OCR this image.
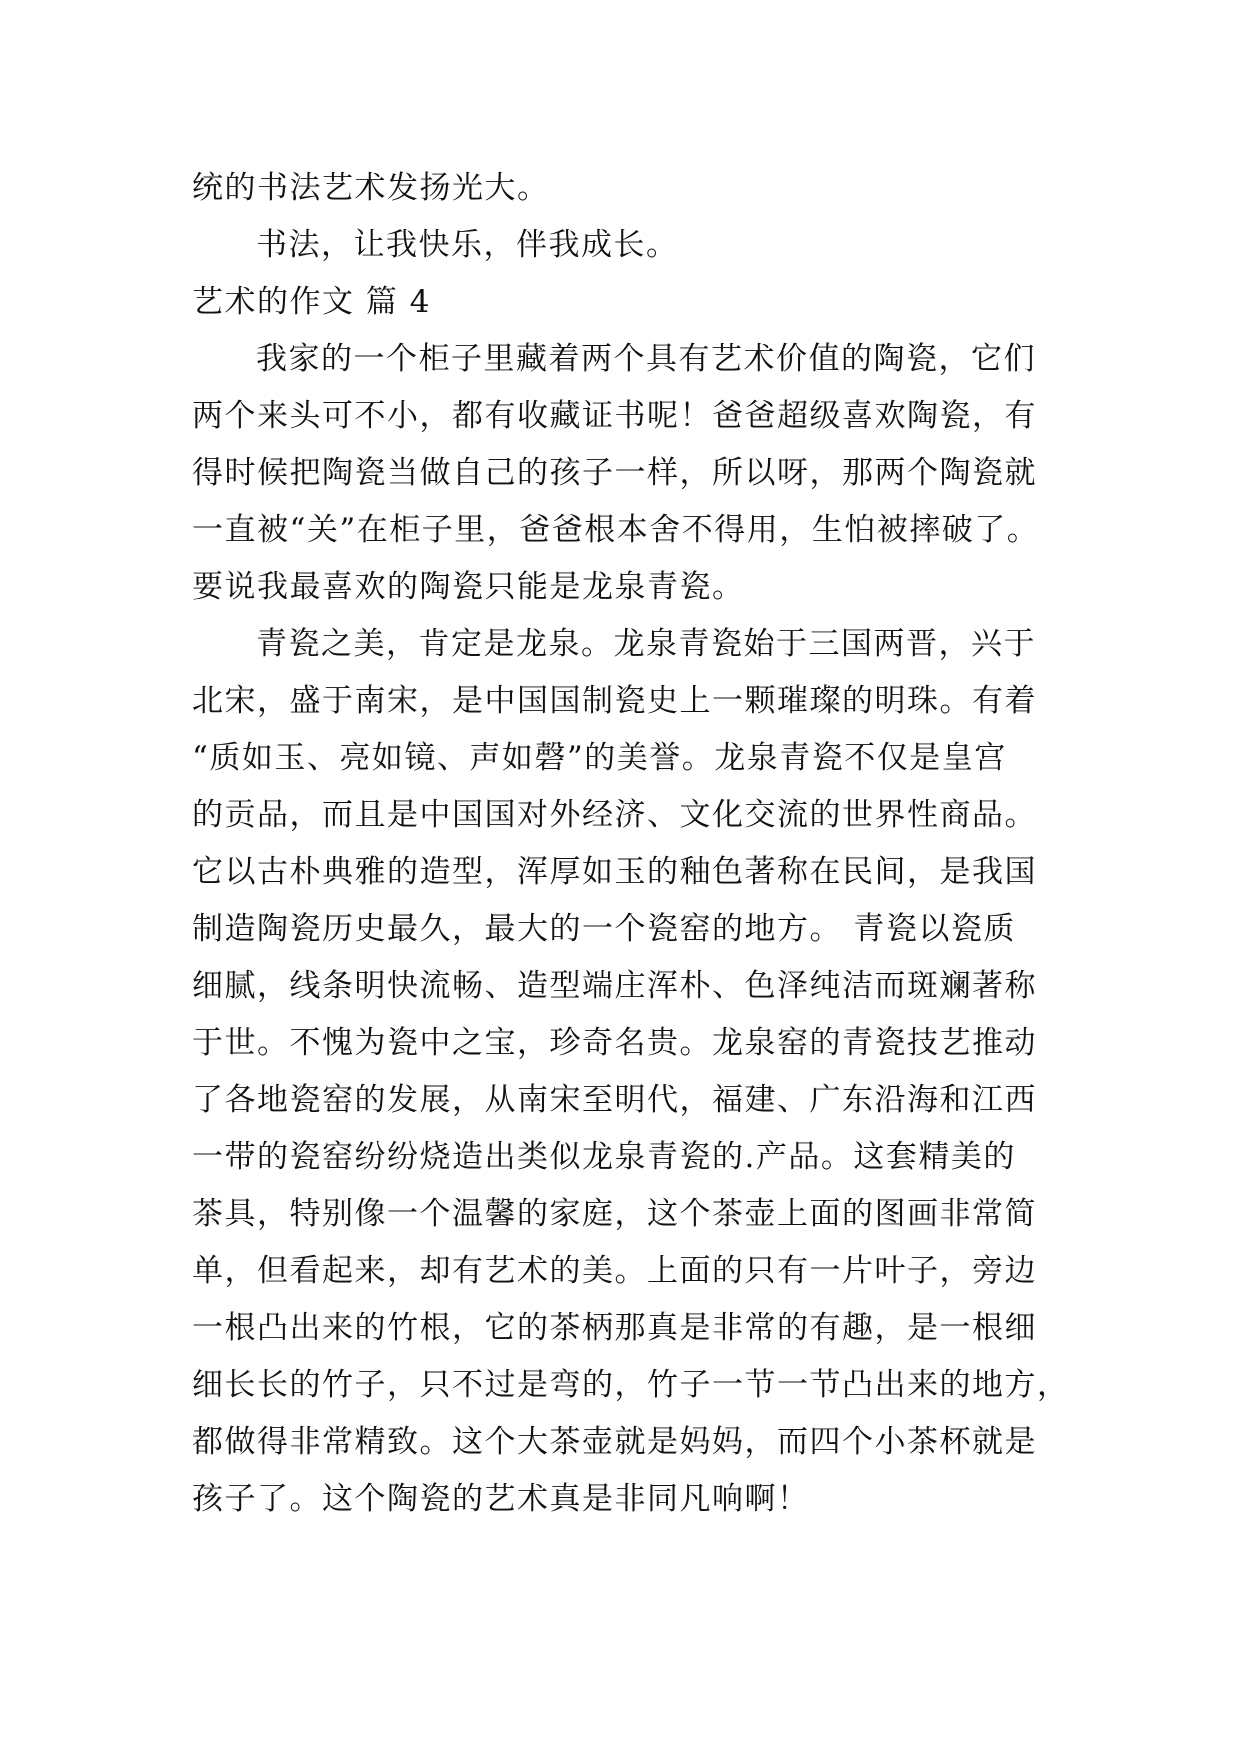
统的书法艺术发扬光大。

书法，让我快乐，伴我成长。

艺术的作文 篇 4

我家的一个柜子里藏着两个具有艺术价值的陶瓷，它们

两个来头可不小，都有收藏证书呢！爸爸超级喜欢陶瓷，有

得时候把陶瓷当做自己的孩子一样，所以呀，那两个陶瓷就

一直被“关”在柜子里，爸爸根本舍不得用，生怕被摔破了。

要说我最喜欢的陶瓷只能是龙泉青瓷。

青瓷之美，肯定是龙泉。龙泉青瓷始于三国两晋，兴于

北宋，盛于南宋，是中国国制瓷史上一颗璀璨的明珠。有着

“质如玉、亮如镜、声如磬”的美誉。龙泉青瓷不仅是皇宫

的贡品，而且是中国国对外经济、文化交流的世界性商品。

它以古朴典雅的造型，浑厚如玉的釉色著称在民间，是我国

制造陶瓷历史最久，最大的一个瓷窑的地方。 青瓷以瓷质

细腻，线条明快流畅、造型端庄浑朴、色泽纯洁而斑斓著称

于世。不愧为瓷中之宝，珍奇名贵。龙泉窑的青瓷技艺推动

了各地瓷窑的发展，从南宋至明代，福建、广东沿海和江西

一带的瓷窑纷纷烧造出类似龙泉青瓷的.产品。这套精美的

茶具，特别像一个温馨的家庭，这个茶壶上面的图画非常简

单，但看起来，却有艺术的美。上面的只有一片叶子，旁边

一根凸出来的竹根，它的茶柄那真是非常的有趣，是一根细

细长长的竹子，只不过是弯的，竹子一节一节凸出来的地方，

都做得非常精致。这个大茶壶就是妈妈，而四个小茶杯就是

孩子了。这个陶瓷的艺术真是非同凡响啊！
